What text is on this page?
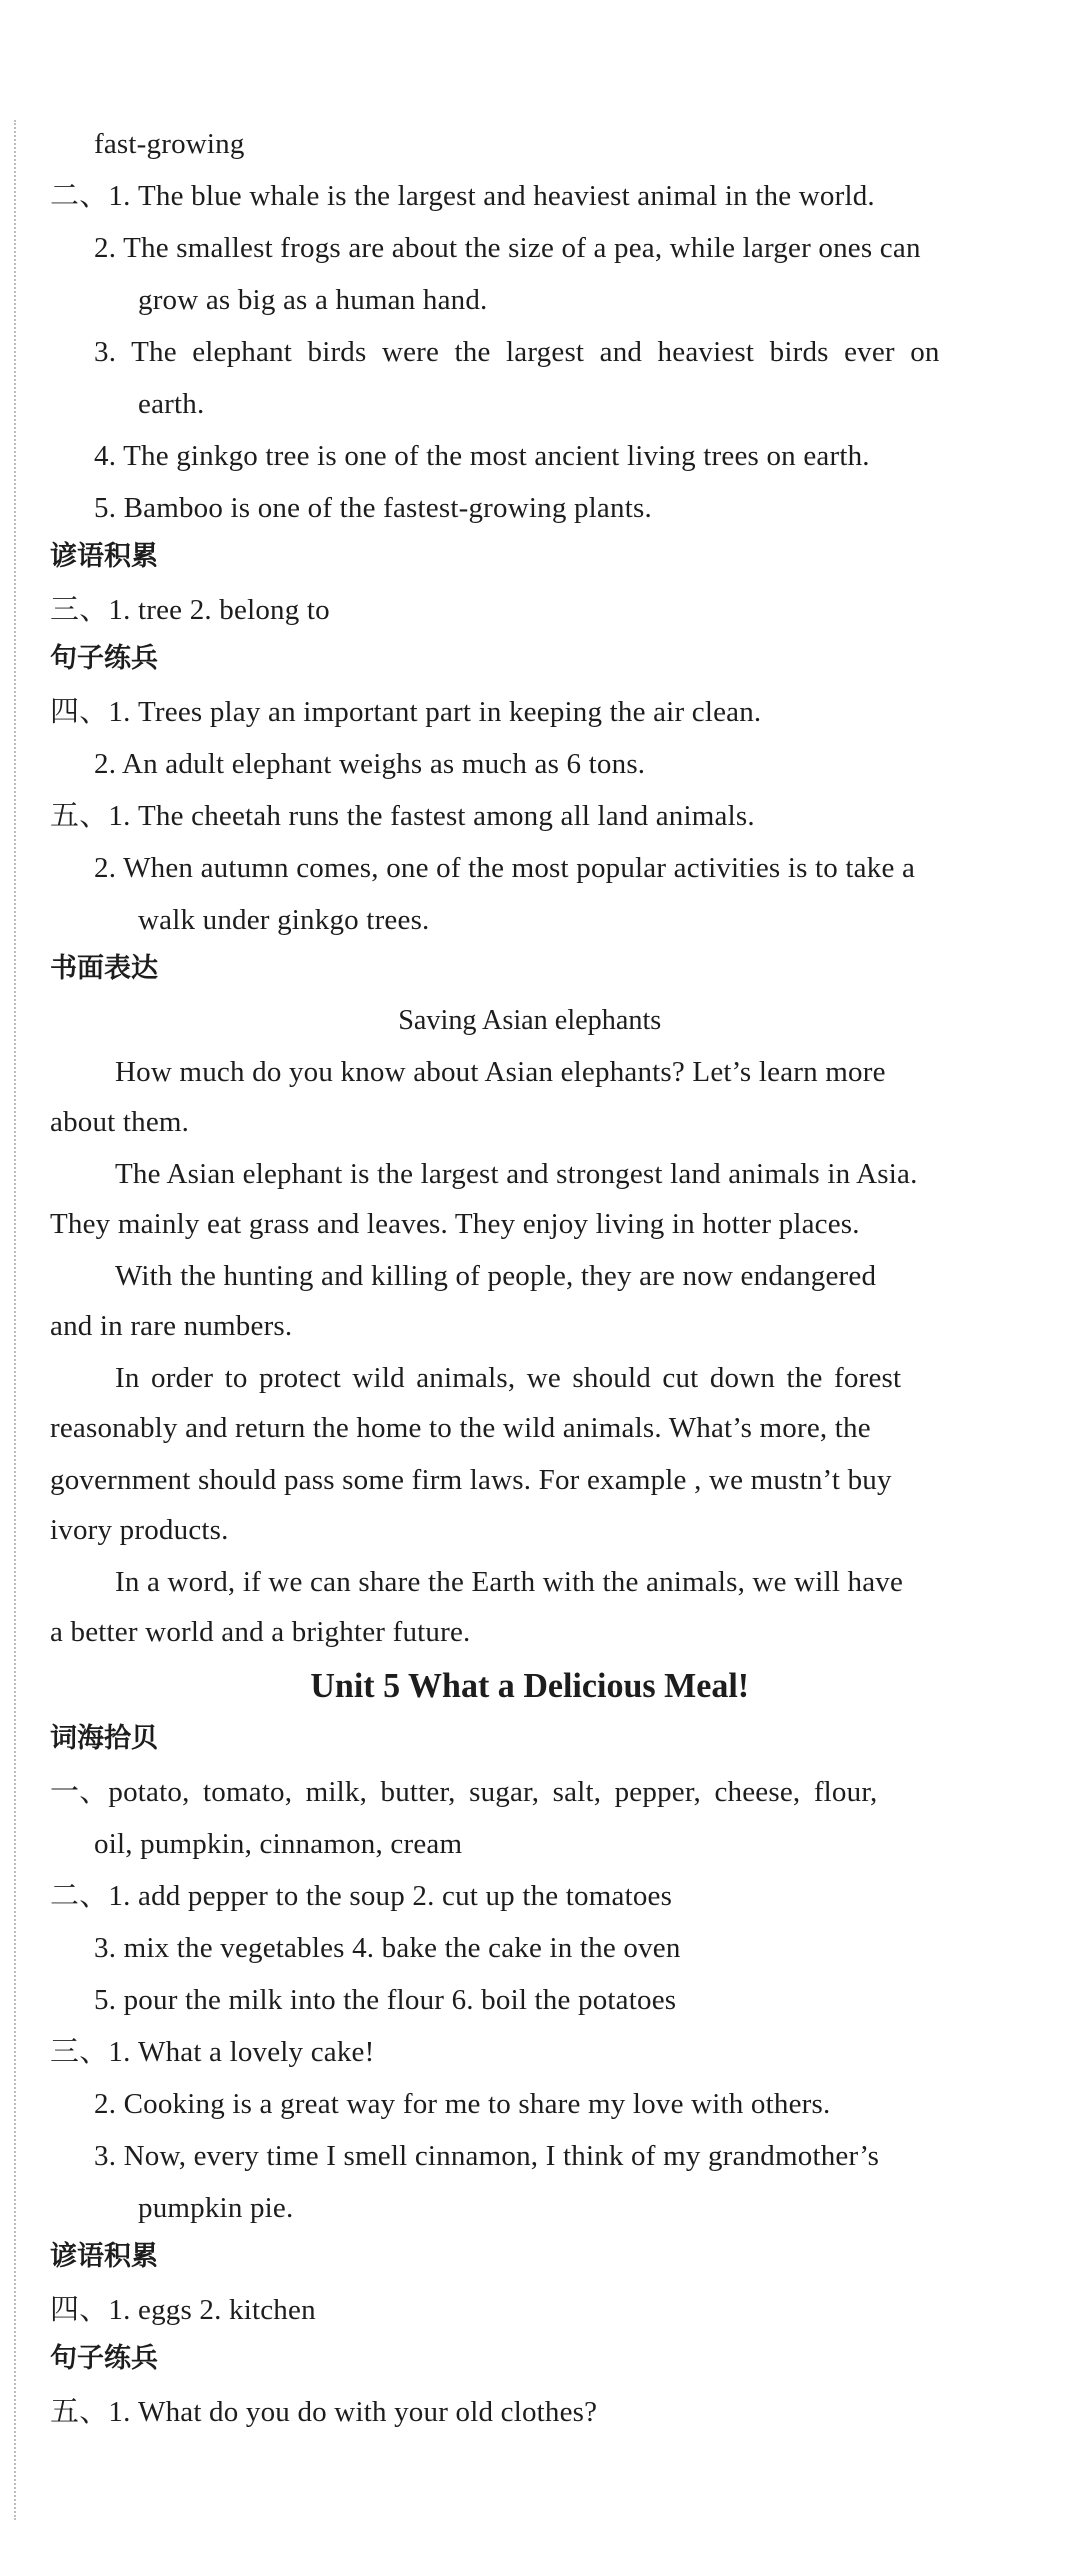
fast-growing
二、1. The blue whale is the largest and heaviest animal in the world.
2. The smallest frogs are about the size of a pea, while larger ones can
grow as big as a human hand.
3. The elephant birds were the largest and heaviest birds ever on
earth.
4. The ginkgo tree is one of the most ancient living trees on earth.
5. Bamboo is one of the fastest-growing plants.
谚语积累
三、1. tree 2. belong to
句子练兵
四、1. Trees play an important part in keeping the air clean.
2. An adult elephant weighs as much as 6 tons.
五、1. The cheetah runs the fastest among all land animals.
2. When autumn comes, one of the most popular activities is to take a
walk under ginkgo trees.
书面表达
Saving Asian elephants
How much do you know about Asian elephants? Let’s learn more
about them.
The Asian elephant is the largest and strongest land animals in Asia.
They mainly eat grass and leaves. They enjoy living in hotter places.
With the hunting and killing of people, they are now endangered
and in rare numbers.
In order to protect wild animals, we should cut down the forest
reasonably and return the home to the wild animals. What’s more, the
government should pass some firm laws. For example , we mustn’t buy
ivory products.
In a word, if we can share the Earth with the animals, we will have
a better world and a brighter future.
Unit 5 What a Delicious Meal!
词海拾贝
一、potato, tomato, milk, butter, sugar, salt, pepper, cheese, flour,
oil, pumpkin, cinnamon, cream
二、1. add pepper to the soup 2. cut up the tomatoes
3. mix the vegetables 4. bake the cake in the oven
5. pour the milk into the flour 6. boil the potatoes
三、1. What a lovely cake!
2. Cooking is a great way for me to share my love with others.
3. Now, every time I smell cinnamon, I think of my grandmother’s
pumpkin pie.
谚语积累
四、1. eggs 2. kitchen
句子练兵
五、1. What do you do with your old clothes?
